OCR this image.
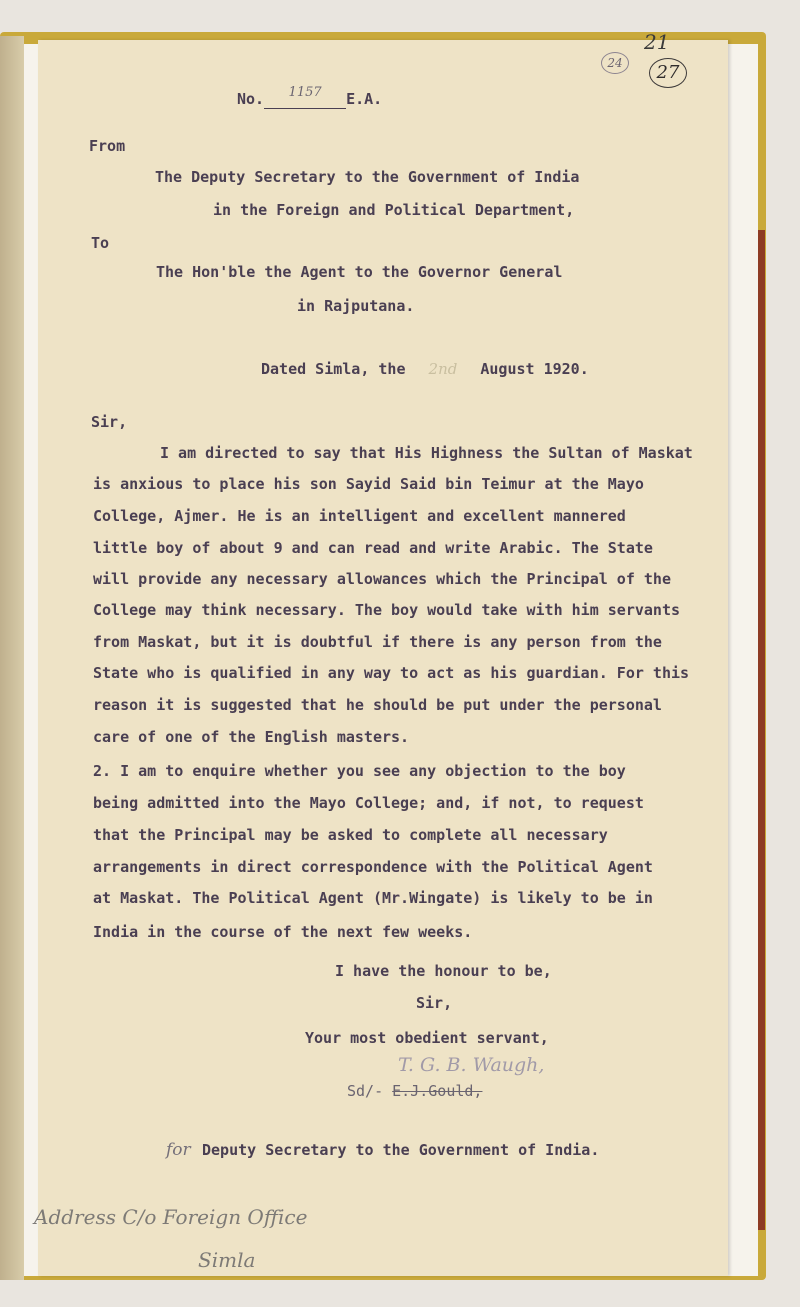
21
24	27
No. 1157 E.A.
From
The Deputy Secretary to the Government of India
in the Foreign and Political Department,
To
The Hon'ble the Agent to the Governor General
in Rajputana.
Dated Simla, the 2nd August 1920.
Sir,
I am directed to say that His Highness the Sultan of Maskat
is anxious to place his son Sayid Said bin Teimur at the Mayo
College, Ajmer. He is an intelligent and excellent mannered
little boy of about 9 and can read and write Arabic. The State
will provide any necessary allowances which the Principal of the
College may think necessary. The boy would take with him servants
from Maskat, but it is doubtful if there is any person from the
State who is qualified in any way to act as his guardian. For this
reason it is suggested that he should be put under the personal
care of one of the English masters.
2. I am to enquire whether you see any objection to the boy
being admitted into the Mayo College; and, if not, to request
that the Principal may be asked to complete all necessary
arrangements in direct correspondence with the Political Agent
at Maskat. The Political Agent (Mr.Wingate) is likely to be in
India in the course of the next few weeks.
I have the honour to be,
Sir,
Your most obedient servant,
T. G. B. Waugh,
Sd/- E.J.Gould,
for Deputy Secretary to the Government of India.
Address C/o Foreign Office
Simla
